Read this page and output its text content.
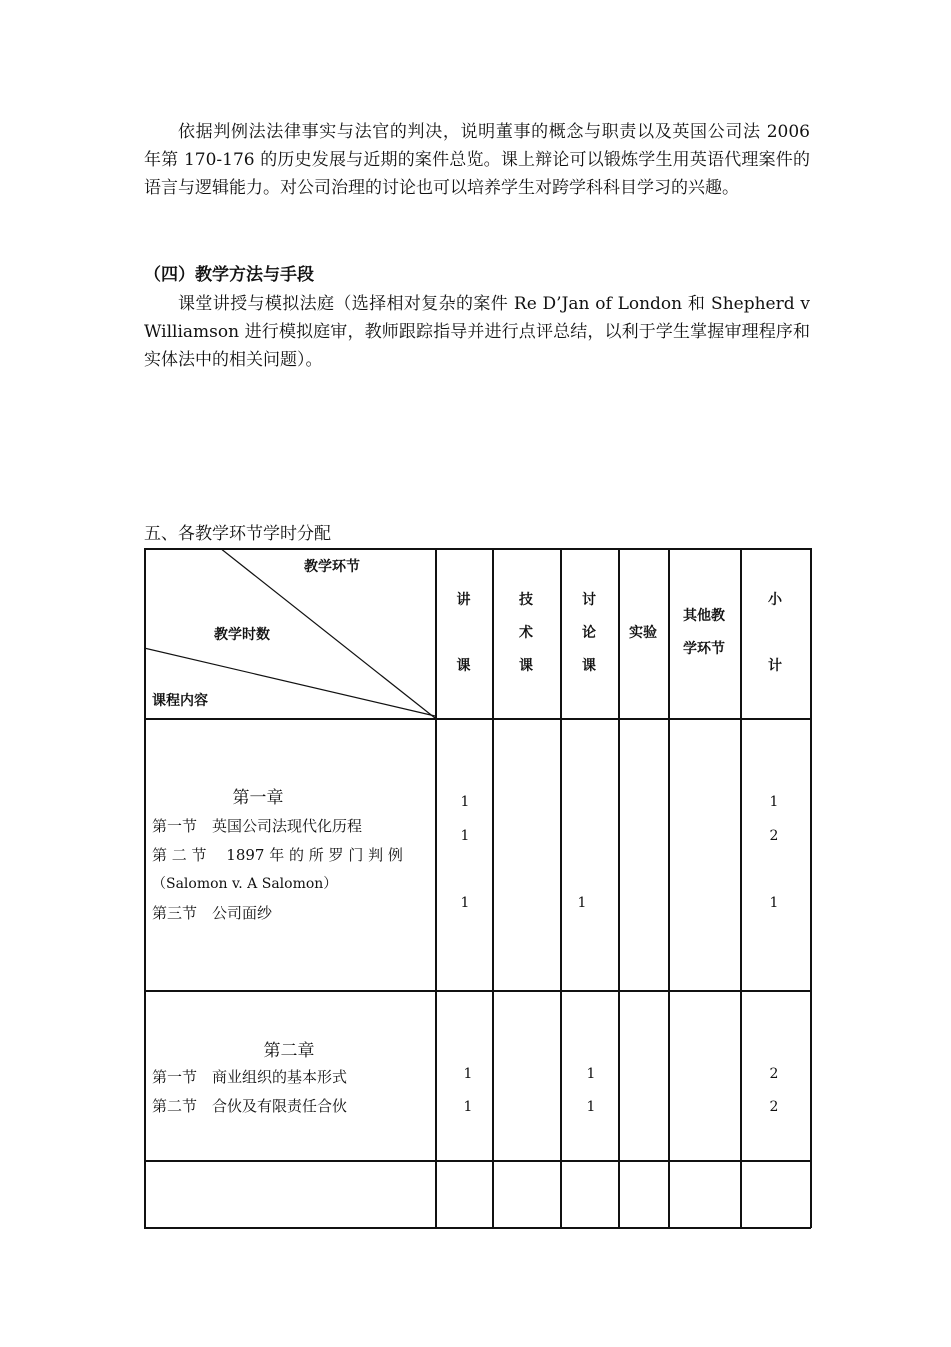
依据判例法法律事实与法官的判决，说明董事的概念与职责以及英国公司法 2006 年第 170-176 的历史发展与近期的案件总览。课上辩论可以锻炼学生用英语代理案件的语言与逻辑能力。对公司治理的讨论也可以培养学生对跨学科科目学习的兴趣。

（四）教学方法与手段

课堂讲授与模拟法庭（选择相对复杂的案件 Re D’Jan of London 和 Shepherd v Williamson 进行模拟庭审，教师跟踪指导并进行点评总结，以利于学生掌握审理程序和实体法中的相关问题）。

五、各教学环节学时分配

教学环节
教学时数
课程内容
讲
课
技
术
课
讨
论
课
实验
其他教
学环节
小
计
第一章
第一节　英国公司法现代化历程
第 二 节　 1897 年 的 所 罗 门 判 例
（Salomon v. A Salomon）
第三节　公司面纱
1
1
1	1
1
2
1
第二章
第一节　商业组织的基本形式
第二节　合伙及有限责任合伙
1
1
1
1
2
2
